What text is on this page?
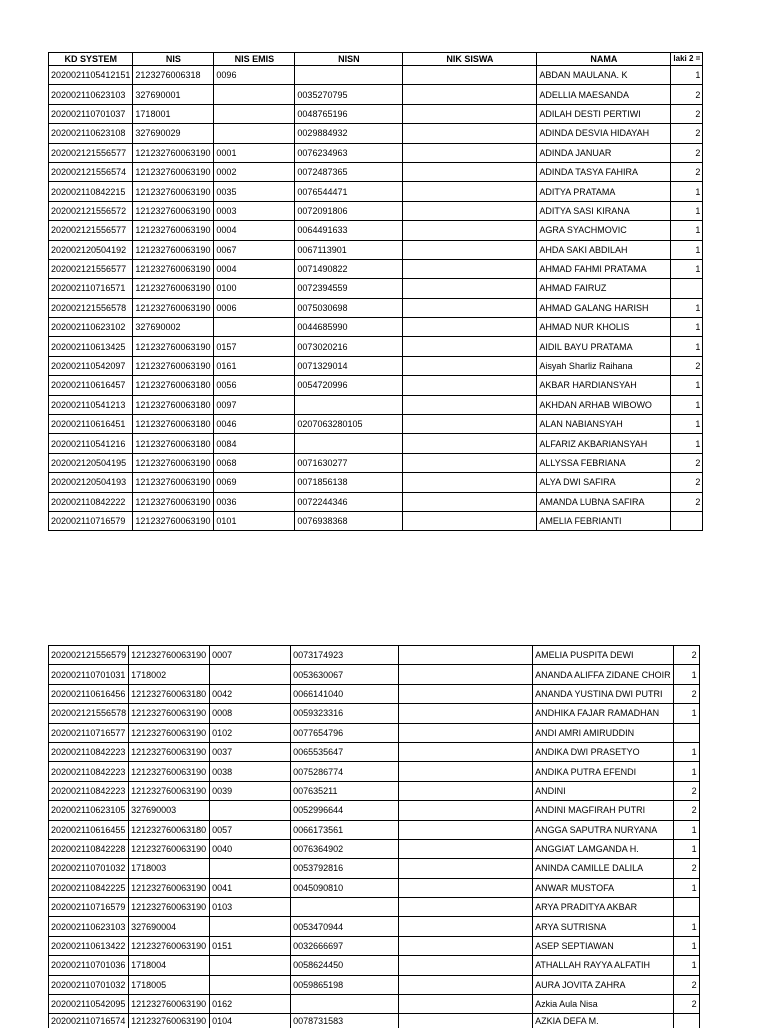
KD SYSTEM	NIS	NIS EMIS	NISN	NIK SISWA	NAMA	laki 2 =
2020021105412151	2123276006318	0096			ABDAN MAULANA. K	1
202002110623103	327690001		0035270795		ADELLIA MAESANDA	2
202002110701037	1718001		0048765196		ADILAH DESTI PERTIWI	2
202002110623108	327690029		0029884932		ADINDA DESVIA HIDAYAH	2
202002121556577	121232760063190	0001	0076234963		ADINDA JANUAR	2
202002121556574	121232760063190	0002	0072487365		ADINDA TASYA FAHIRA	2
202002110842215	121232760063190	0035	0076544471		ADITYA PRATAMA	1
202002121556572	121232760063190	0003	0072091806		ADITYA SASI KIRANA	1
202002121556577	121232760063190	0004	0064491633		AGRA SYACHMOVIC	1
202002120504192	121232760063190	0067	0067113901		AHDA SAKI ABDILAH	1
202002121556577	121232760063190	0004	0071490822		AHMAD FAHMI PRATAMA	1
202002110716571	121232760063190	0100	0072394559		AHMAD FAIRUZ	
202002121556578	121232760063190	0006	0075030698		AHMAD GALANG HARISH	1
202002110623102	327690002		0044685990		AHMAD NUR KHOLIS	1
202002110613425	121232760063190	0157	0073020216		AIDIL BAYU PRATAMA	1
202002110542097	121232760063190	0161	0071329014		Aisyah Sharliz Raihana	2
202002110616457	121232760063180	0056	0054720996		AKBAR HARDIANSYAH	1
202002110541213	121232760063180	0097			AKHDAN ARHAB WIBOWO	1
202002110616451	121232760063180	0046	0207063280105		ALAN NABIANSYAH	1
202002110541216	121232760063180	0084			ALFARIZ AKBARIANSYAH	1
202002120504195	121232760063190	0068	0071630277		ALLYSSA FEBRIANA	2
202002120504193	121232760063190	0069	0071856138		ALYA DWI SAFIRA	2
202002110842222	121232760063190	0036	0072244346		AMANDA LUBNA SAFIRA	2
202002110716579	121232760063190	0101	0076938368		AMELIA FEBRIANTI	
202002121556579	121232760063190	0007	0073174923		AMELIA PUSPITA DEWI	2
202002110701031	1718002		0053630067		ANANDA ALIFFA ZIDANE CHOIR	1
202002110616456	121232760063180	0042	0066141040		ANANDA YUSTINA DWI PUTRI	2
202002121556578	121232760063190	0008	0059323316		ANDHIKA FAJAR RAMADHAN	1
202002110716577	121232760063190	0102	0077654796		ANDI AMRI AMIRUDDIN	
202002110842223	121232760063190	0037	0065535647		ANDIKA DWI PRASETYO	1
202002110842223	121232760063190	0038	0075286774		ANDIKA PUTRA EFENDI	1
202002110842223	121232760063190	0039	007635211		ANDINI	2
202002110623105	327690003		0052996644		ANDINI MAGFIRAH PUTRI	2
202002110616455	121232760063180	0057	0066173561		ANGGA SAPUTRA NURYANA	1
202002110842228	121232760063190	0040	0076364902		ANGGIAT LAMGANDA H.	1
202002110701032	1718003		0053792816		ANINDA CAMILLE DALILA	2
202002110842225	121232760063190	0041	0045090810		ANWAR MUSTOFA	1
202002110716579	121232760063190	0103			ARYA PRADITYA AKBAR	
202002110623103	327690004		0053470944		ARYA SUTRISNA	1
202002110613422	121232760063190	0151	0032666697		ASEP SEPTIAWAN	1
202002110701036	1718004		0058624450		ATHALLAH RAYYA ALFATIH	1
202002110701032	1718005		0059865198		AURA JOVITA ZAHRA	2
202002110542095	121232760063190	0162			Azkia Aula Nisa	2
202002110716574	121232760063190	0104	0078731583		AZKIA DEFA M.	
